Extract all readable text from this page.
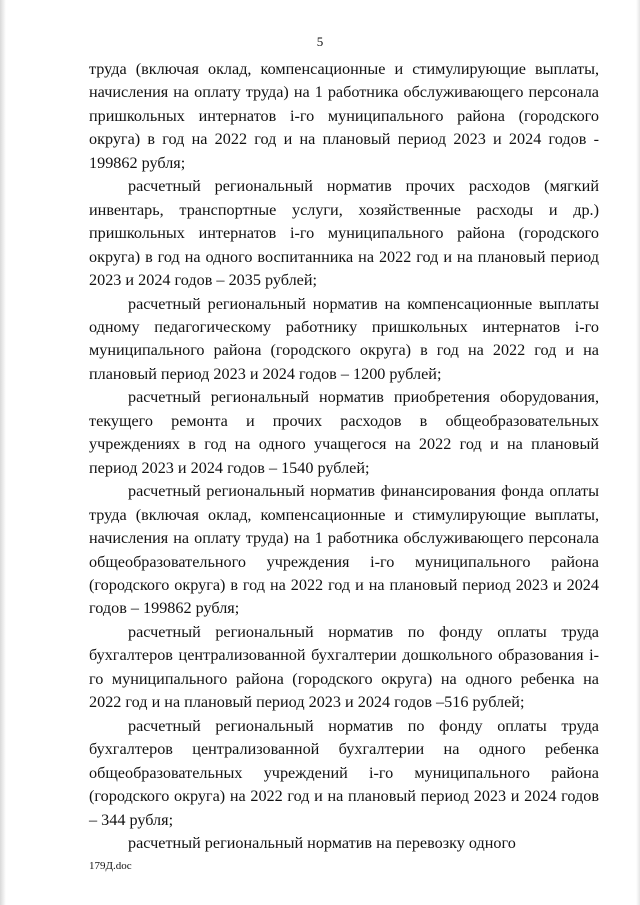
5

труда (включая оклад, компенсационные и стимулирующие выплаты, начисления на оплату труда) на 1 работника обслуживающего персонала пришкольных интернатов i-го муниципального района (городского округа) в год на 2022 год и на плановый период 2023 и 2024 годов - 199862 рубля;

расчетный региональный норматив прочих расходов (мягкий инвентарь, транспортные услуги, хозяйственные расходы и др.) пришкольных интернатов i-го муниципального района (городского округа) в год на одного воспитанника на 2022 год и на плановый период 2023 и 2024 годов – 2035 рублей;

расчетный региональный норматив на компенсационные выплаты одному педагогическому работнику пришкольных интернатов i-го муниципального района (городского округа) в год на 2022 год и на плановый период 2023 и 2024 годов – 1200 рублей;

расчетный региональный норматив приобретения оборудования, текущего ремонта и прочих расходов в общеобразовательных учреждениях в год на одного учащегося на 2022 год и на плановый период 2023 и 2024 годов – 1540 рублей;

расчетный региональный норматив финансирования фонда оплаты труда (включая оклад, компенсационные и стимулирующие выплаты, начисления на оплату труда) на 1 работника обслуживающего персонала общеобразовательного учреждения i-го муниципального района (городского округа) в год на 2022 год и на плановый период 2023 и 2024 годов – 199862 рубля;

расчетный региональный норматив по фонду оплаты труда бухгалтеров централизованной бухгалтерии дошкольного образования i-го муниципального района (городского округа) на одного ребенка на 2022 год и на плановый период 2023 и 2024 годов –516 рублей;

расчетный региональный норматив по фонду оплаты труда бухгалтеров централизованной бухгалтерии на одного ребенка общеобразовательных учреждений i-го муниципального района (городского округа) на 2022 год и на плановый период 2023 и 2024 годов – 344 рубля;

расчетный региональный норматив на перевозку одного

179Д.doc
